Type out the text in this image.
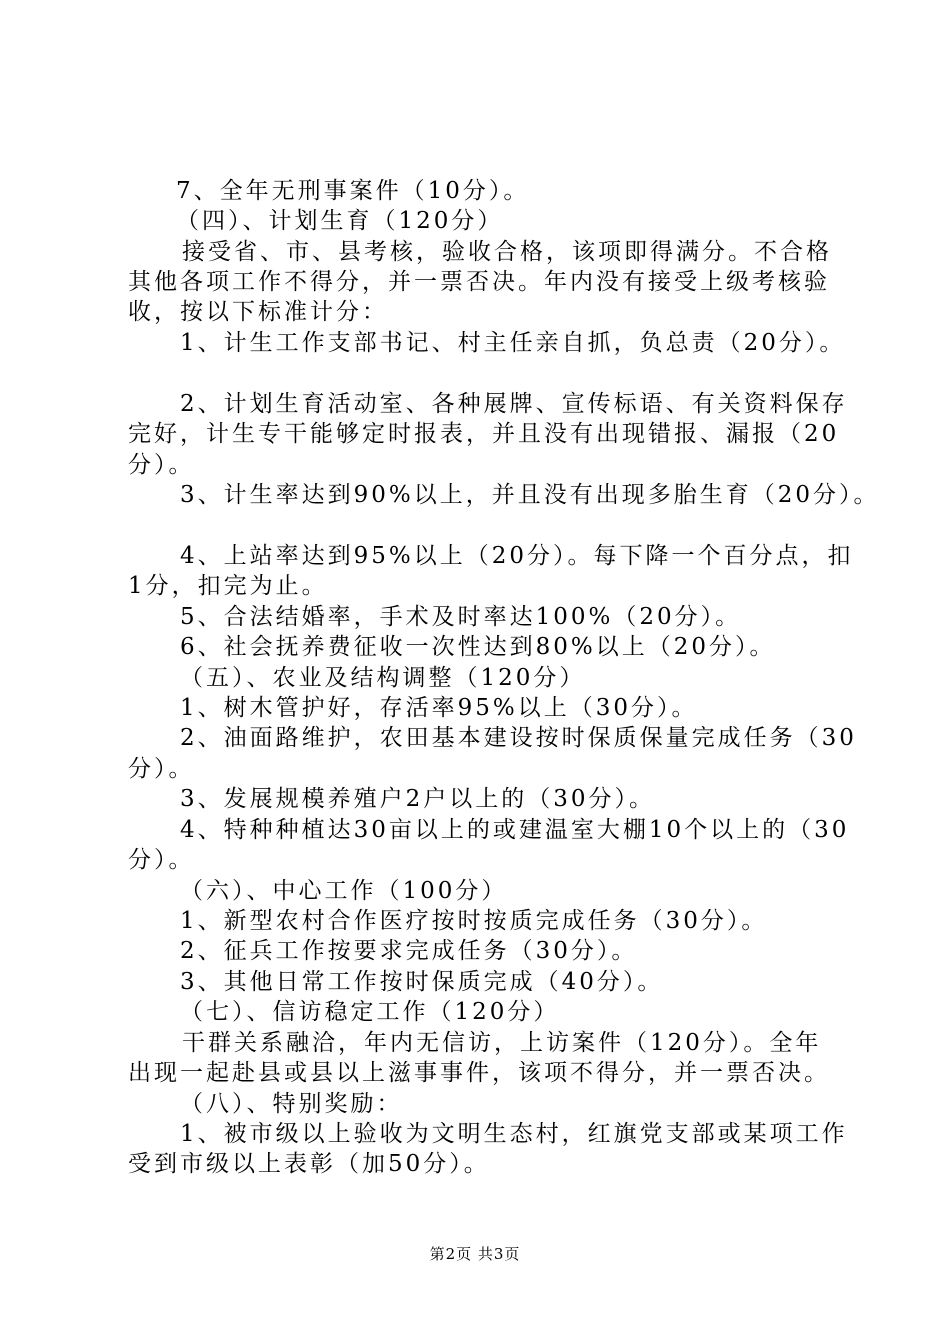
7、全年无刑事案件（10分）。
（四）、计划生育（120分）
接受省、市、县考核，验收合格，该项即得满分。不合格
其他各项工作不得分，并一票否决。年内没有接受上级考核验
收，按以下标准计分：
1、计生工作支部书记、村主任亲自抓，负总责（20分）。
2、计划生育活动室、各种展牌、宣传标语、有关资料保存
完好，计生专干能够定时报表，并且没有出现错报、漏报（20
分）。
3、计生率达到90%以上，并且没有出现多胎生育（20分）。
4、上站率达到95%以上（20分）。每下降一个百分点，扣
1分，扣完为止。
5、合法结婚率，手术及时率达100%（20分）。
6、社会抚养费征收一次性达到80%以上（20分）。
（五）、农业及结构调整（120分）
1、树木管护好，存活率95%以上（30分）。
2、油面路维护，农田基本建设按时保质保量完成任务（30
分）。
3、发展规模养殖户2户以上的（30分）。
4、特种种植达30亩以上的或建温室大棚10个以上的（30
分）。
（六）、中心工作（100分）
1、新型农村合作医疗按时按质完成任务（30分）。
2、征兵工作按要求完成任务（30分）。
3、其他日常工作按时保质完成（40分）。
（七）、信访稳定工作（120分）
干群关系融洽，年内无信访，上访案件（120分）。全年
出现一起赴县或县以上滋事事件，该项不得分，并一票否决。
（八）、特别奖励：
1、被市级以上验收为文明生态村，红旗党支部或某项工作
受到市级以上表彰（加50分）。
第2页 共3页
